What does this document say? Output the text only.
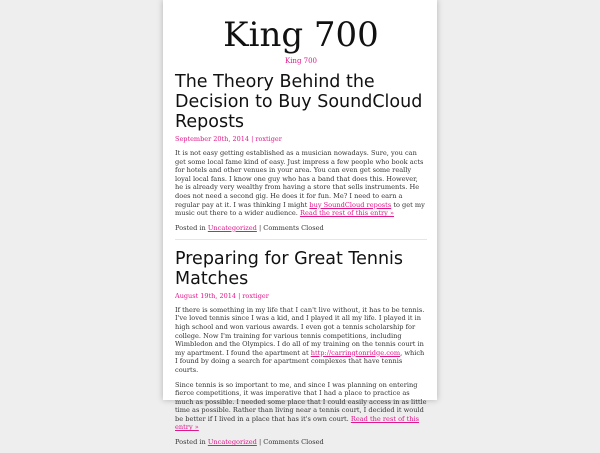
King 700
King 700
The Theory Behind the Decision to Buy SoundCloud Reposts
September 20th, 2014 | roxtiger

It is not easy getting established as a musician nowadays. Sure, you can get some local fame kind of easy. Just impress a few people who book acts for hotels and other venues in your area. You can even get some really loyal local fans. I know one guy who has a band that does this. However, he is already very wealthy from having a store that sells instruments. He does not need a second gig. He does it for fun. Me? I need to earn a regular pay at it. I was thinking I might buy SoundCloud reposts to get my music out there to a wider audience. Read the rest of this entry »

Posted in Uncategorized | Comments Closed
Preparing for Great Tennis Matches
August 19th, 2014 | roxtiger

If there is something in my life that I can't live without, it has to be tennis. I've loved tennis since I was a kid, and I played it all my life. I played it in high school and won various awards. I even got a tennis scholarship for college. Now I'm training for various tennis competitions, including Wimbledon and the Olympics. I do all of my training on the tennis court in my apartment. I found the apartment at http://carringtonridge.com, which I found by doing a search for apartment complexes that have tennis courts.

Since tennis is so important to me, and since I was planning on entering fierce competitions, it was imperative that I had a place to practice as much as possible. I needed some place that I could easily access in as little time as possible. Rather than living near a tennis court, I decided it would be better if I lived in a place that has it's own court. Read the rest of this entry »

Posted in Uncategorized | Comments Closed
